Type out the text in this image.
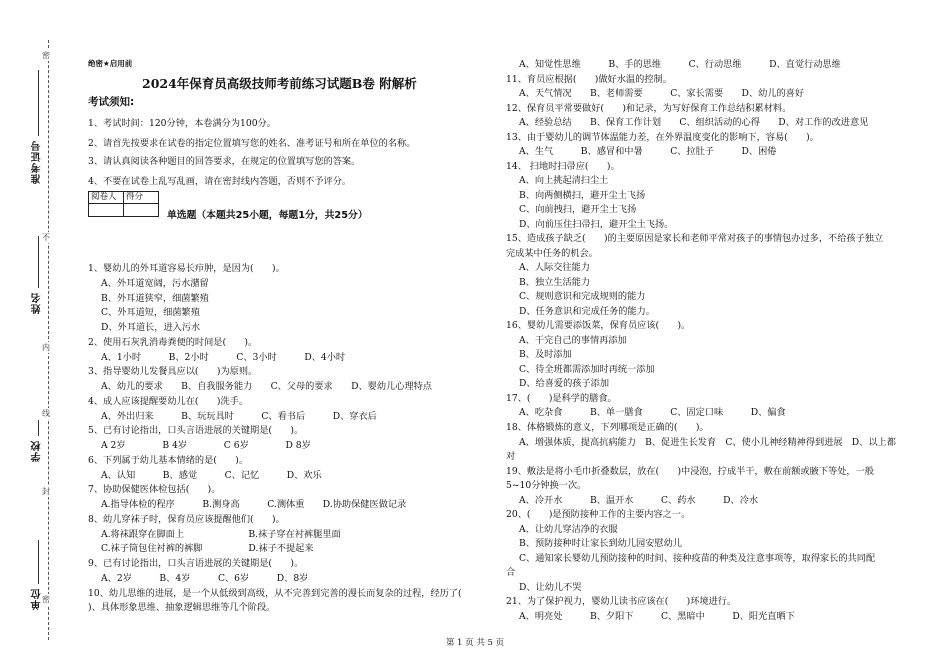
密
不
内
线
封
密
准考证号
姓名
学校
单位
绝密★启用前
2024年保育员高级技师考前练习试题B卷 附解析
考试须知:
1、考试时间：120分钟，本卷满分为100分。
2、请首先按要求在试卷的指定位置填写您的姓名、准考证号和所在单位的名称。
3、请认真阅读各种题目的回答要求，在规定的位置填写您的答案。
4、不要在试卷上乱写乱画，请在密封线内答题，否则不予评分。
阅卷人	得分

单选题（本题共25小题，每题1分，共25分）
1、婴幼儿的外耳道容易长疖肿，是因为(　　)。
A、外耳道宽阔，污水潴留
B、外耳道狭窄，细菌繁殖
C、外耳道短，细菌繁殖
D、外耳道长，进入污水
2、使用石灰乳消毒粪便的时间是(　　)。
A、1小时　　　B、2小时　　　C、3小时　　　D、4小时
3、指导婴幼儿发餐具应以(　　)为原则。
A、幼儿的要求　　B、自我服务能力　　C、父母的要求　　D、婴幼儿心理特点
4、成人应该提醒要幼儿在(　　)洗手。
A、外出归来　　　B、玩玩具时　　　C、看书后　　　D、穿衣后
5、已有讨论指出，口头言语进展的关键期是(　　)。
A 2岁　　　　B 4岁　　　　C 6岁　　　　D 8岁
6、下列属于幼儿基本情绪的是(　　)。
A、认知　　　B、感觉　　　C、记忆　　　D、欢乐
7、协助保健医体检包括(　　)。
A.指导体检的程序　　　B.测身高　　　C.测体重　　D.协助保健医做记录
8、幼儿穿袜子时，保育员应该提醒他们(　　)。
A.将袜跟穿在脚面上　　　　　　　B.袜子穿在衬裤腿里面
C.袜子筒包住衬裤的裤脚　　　　　D.袜子不提起来
9、已有讨论指出，口头言语进展的关键期是(　　)。
A、2岁　　　B、4岁　　　C、6岁　　　D、8岁
10、幼儿思维的进展，是一个从低级到高级，从不完善到完善的漫长而复杂的过程，经历了(
)、具体形象思维、抽象逻辑思维等几个阶段。
A、知觉性思维　　　B、手的思维　　　C、行动思维　　　D、直觉行动思维
11、育员应根据(　　)做好水温的控制。
A、天气情况　　B、老师需要　　　C、家长需要　　D、幼儿的喜好
12、保育员平常要做好(　　)和记录，为写好保育工作总结积累材料。
A、经验总结　　B、保育工作计划　　C、组织活动的心得　　D、对工作的改进意见
13、由于婴幼儿的调节体温能力差，在外界温度变化的影响下，容易(　　)。
A、生气　　　B、感冒和中暑　　　C、拉肚子　　　D、困倦
14、 扫地时扫帚应(　　)。
A、向上挑起清扫尘土
B、向两侧横扫，避开尘土飞扬
C、向前拽扫，避开尘土飞扬
D、向前压住扫帚扫，避开尘土飞扬。
15、造成孩子缺乏(　　)的主要原因是家长和老师平常对孩子的事情包办过多，不给孩子独立
完成某中任务的机会。
A、人际交往能力
B、独立生活能力
C、规则意识和完成规则的能力
D、任务意识和完成任务的能力。
16、婴幼儿需要添饭菜，保育员应该(　　)。
A、干完自己的事情再添加
B、及时添加
C、待全班都需添加时再统一添加
D、给喜爱的孩子添加
17、(　　)是科学的膳食。
A、吃杂食　　　B、单一膳食　　　C、固定口味　　　D、偏食
18、体格锻炼的意义，下列哪项是正确的(　　)。
A、增强体质，提高抗病能力　B、促进生长发育　C、使小儿神经精神得到进展　D、以上都
对
19、敷法是将小毛巾折叠数层，放在(　　)中浸泡，拧成半干，敷在前额或腋下等处，一般
5~10分钟换一次。
A、冷开水　　　B、温开水　　　C、药水　　　D、冷水
20、(　　)是预防接种工作的主要内容之一。
A、让幼儿穿洁净的衣服
B、预防接种时让家长到幼儿园安慰幼儿
C、通知家长婴幼儿预防接种的时间、接种疫苗的种类及注意事项等，取得家长的共同配
合
D、让幼儿不哭
21、为了保护视力，婴幼儿读书应该在(　　)环境进行。
A、明亮处　　　B、夕阳下　　　C、黑暗中　　　D、阳光直晒下
第 1 页 共 5 页
